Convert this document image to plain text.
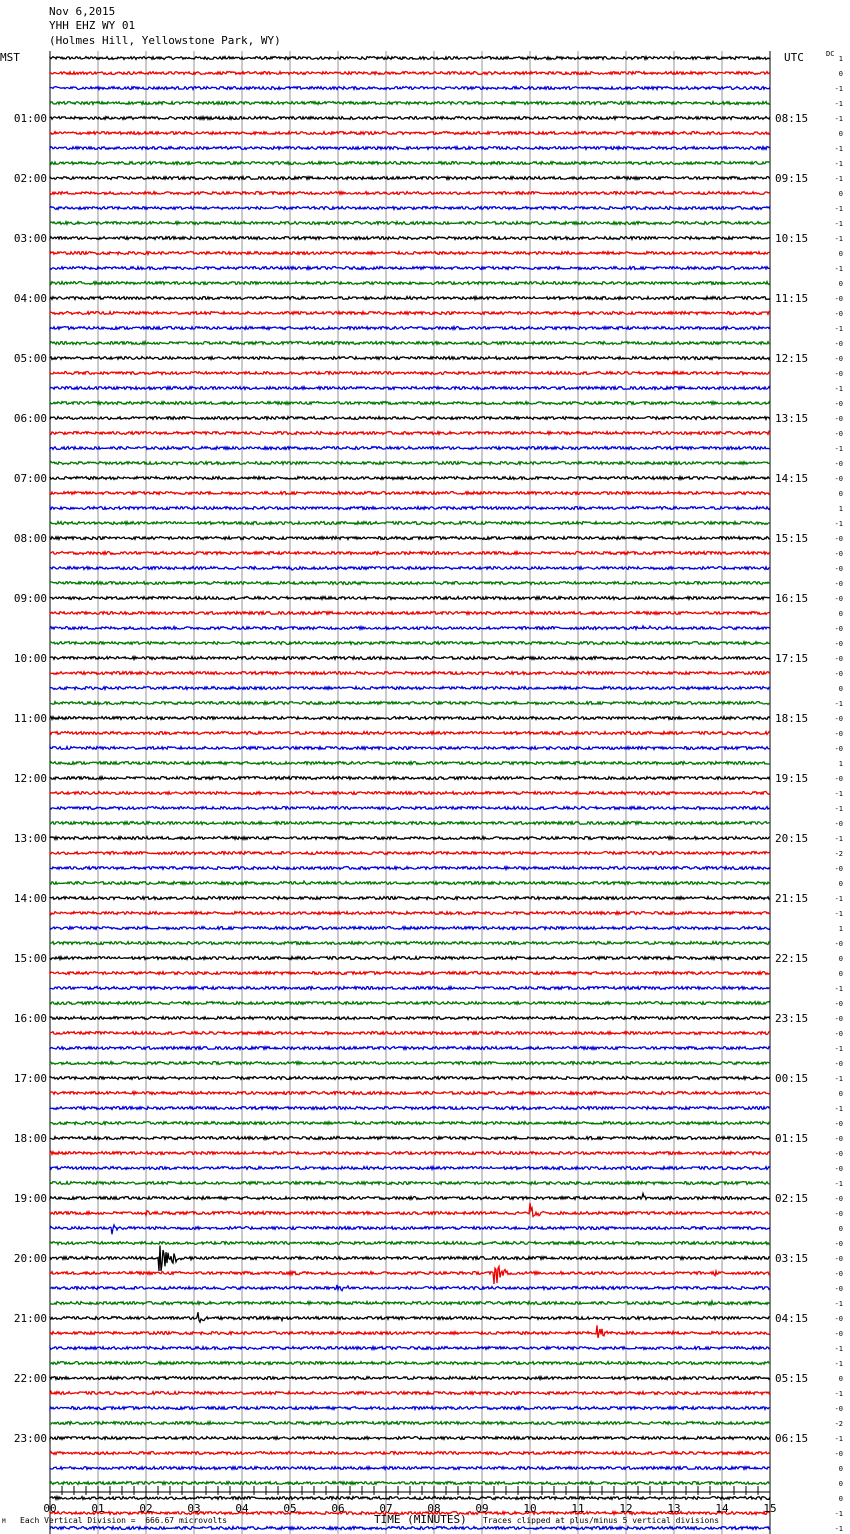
Nov 6,2015
YHH EHZ WY 01
(Holmes Hill, Yellowstone Park, WY)
00	01	02	03	04	05	06	07	08	09	10	11	12	13	14	15
1
0
-1
-1
-1
0
-1
-1
-1
0
-1
-1
-1
0
-1
0
-0
-0
-1
-0
-0
-0
-1
-0
-0
-0
-1
-0
-0
0
1
-1
-0
-0
-0
-0
-0
0
-0
-0
-0
-0
0
-1
-0
-0
-0
1
-0
-1
-1
-0
-1
-2
-0
0
-1
-1
1
-0
0
0
-1
-0
-0
-0
-1
-0
-1
0
-1
-0
-0
-0
-0
-1
-0
-0
0
-0
-0
-0
-0
-1
-0
-0
-1
-1
0
-1
-0
-2
-1
-0
0
0
0
-1
-1
01:00
02:00
03:00
04:00
05:00
06:00
07:00
08:00
09:00
10:00
11:00
12:00
13:00
14:00
15:00
16:00
17:00
18:00
19:00
20:00
21:00
22:00
23:00
08:15
09:15
10:15
11:15
12:15
13:15
14:15
15:15
16:15
17:15
18:15
19:15
20:15
21:15
22:15
23:15
00:15
01:15
02:15
03:15
04:15
05:15
06:15
MST	UTC	DC
M Each Vertical Division =  666.67 microvolts	TIME (MINUTES) Traces clipped at plus/minus 5 vertical divisions
